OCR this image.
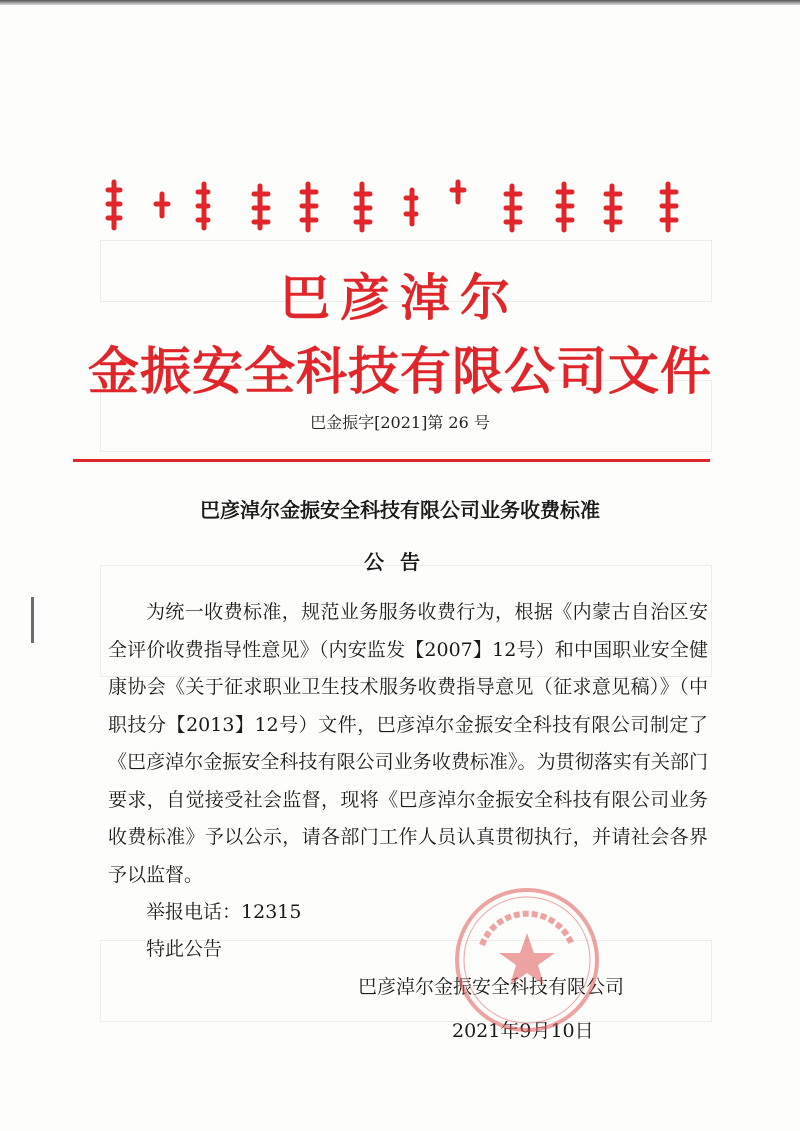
巴彦淖尔
金振安全科技有限公司文件
巴金振字[2021]第 26 号
巴彦淖尔金振安全科技有限公司业务收费标准
公告
为统一收费标准，规范业务服务收费行为，根据《内蒙古自治区安全评价收费指导性意见》（内安监发【2007】12号）和中国职业安全健康协会《关于征求职业卫生技术服务收费指导意见（征求意见稿）》（中职技分【2013】12号）文件，巴彦淖尔金振安全科技有限公司制定了《巴彦淖尔金振安全科技有限公司业务收费标准》。为贯彻落实有关部门要求，自觉接受社会监督，现将《巴彦淖尔金振安全科技有限公司业务收费标准》予以公示，请各部门工作人员认真贯彻执行，并请社会各界予以监督。
举报电话：12315
特此公告
巴彦淖尔金振安全科技有限公司
2021年9月10日
